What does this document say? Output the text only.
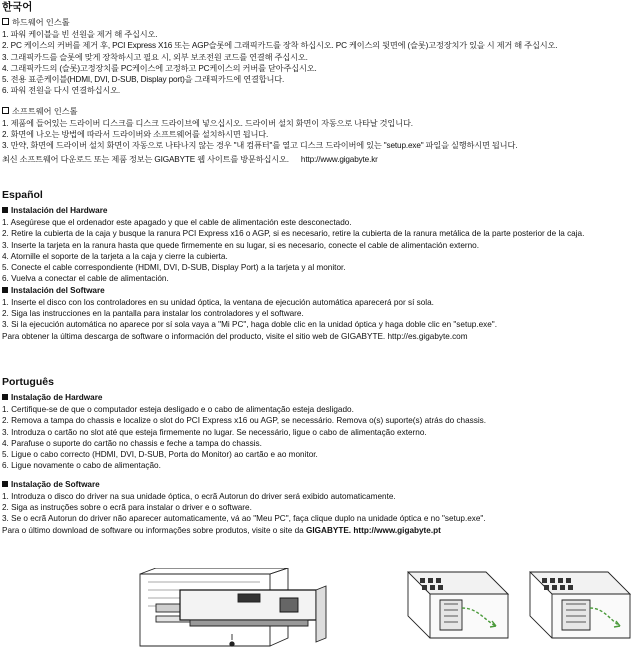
한국어

하드웨어 인스톨

1. 파워 케이블을 빈 선원을 제거 해 주십시오.

2. PC 케이스의 커버를 제거 후, PCI Express X16 또는 AGP슬롯에 그래픽카드를 장착 하십시오. PC 케이스의 뒷면에 (슬롯)고정장치가 있을 시 제거 해 주십시오.

3. 그래픽카드를 슬롯에 맞게 장착하시고 필요 시, 외부 보조전원 코드를 연결해 주십시오.

4. 그래픽카드의 (슬롯)고정장치를 PC케이스에 고정하고 PC케이스의 커버를 닫아주십시오.

5. 전용 표준케이블(HDMI, DVI, D-SUB, Display port)을 그래픽카드에 연결합니다.

6. 파워 전원을 다시 연결하십시오.

소프트웨어 인스톨

1. 제품에 들어있는 드라이버 디스크를 디스크 드라이브에 넣으십시오. 드라이버 설치 화면이 자동으로 나타날 것입니다.

2. 화면에 나오는 방법에 따라서 드라이버와 소프트웨어를 설치하시면 됩니다.

3. 만약, 화면에 드라이버 설치 화면이 자동으로 나타나지 않는 경우 "내 컴퓨터"를 열고 디스크 드라이버에 있는 "setup.exe" 파일을 실행하시면 됩니다.

최신 소프트웨어 다운로드 또는 제품 정보는 GIGABYTE 웹 사이트를 방문하십시오. http://www.gigabyte.kr

Español

Instalación del Hardware

1. Asegúrese que el ordenador este apagado y que el cable de alimentación este desconectado.

2. Retire la cubierta de la caja y busque la ranura PCI Express x16 o AGP, si es necesario, retire la cubierta de la ranura metálica de la parte posterior de la caja.

3. Inserte la tarjeta en la ranura hasta que quede firmemente en su lugar, si es necesario, conecte el cable de alimentación externo.

4. Atornille el soporte de la tarjeta a la caja y cierre la cubierta.

5. Conecte el cable correspondiente (HDMI, DVI, D-SUB, Display Port) a la tarjeta y al monitor.

6. Vuelva a conectar el cable de alimentación.

Instalación del Software

1. Inserte el disco con los controladores en su unidad óptica, la ventana de ejecución automática aparecerá por sí sola.

2. Siga las instrucciones en la pantalla para instalar los controladores y el software.

3. Si la ejecución automática no aparece por sí sola vaya a "Mi PC", haga doble clic en la unidad óptica y haga doble clic en "setup.exe".

Para obtener la última descarga de software o información del producto, visite el sitio web de GIGABYTE. http://es.gigabyte.com

Português

Instalação de Hardware

1. Certifique-se de que o computador esteja desligado e o cabo de alimentação esteja desligado.

2. Remova a tampa do chassis e localize o slot do PCI Express x16 ou AGP, se necessário. Remova o(s) suporte(s) atrás do chassis.

3. Introduza o cartão no slot até que esteja firmemente no lugar. Se necessário, ligue o cabo de alimentação externo.

4. Parafuse o suporte do cartão no chassis e feche a tampa do chassis.

5. Ligue o cabo correcto (HDMI, DVI, D-SUB, Porta do Monitor) ao cartão e ao monitor.

6. Ligue novamente o cabo de alimentação.

Instalação de Software

1. Introduza o disco do driver na sua unidade óptica, o ecrã Autorun do driver será exibido automaticamente.

2. Siga as instruções sobre o ecrã para instalar o driver e o software.

3. Se o ecrã Autorun do driver não aparecer automaticamente, vá ao "Meu PC", faça clique duplo na unidade óptica e no "setup.exe".

Para o último download de software ou informações sobre produtos, visite o site da GIGABYTE. http://www.gigabyte.pt
